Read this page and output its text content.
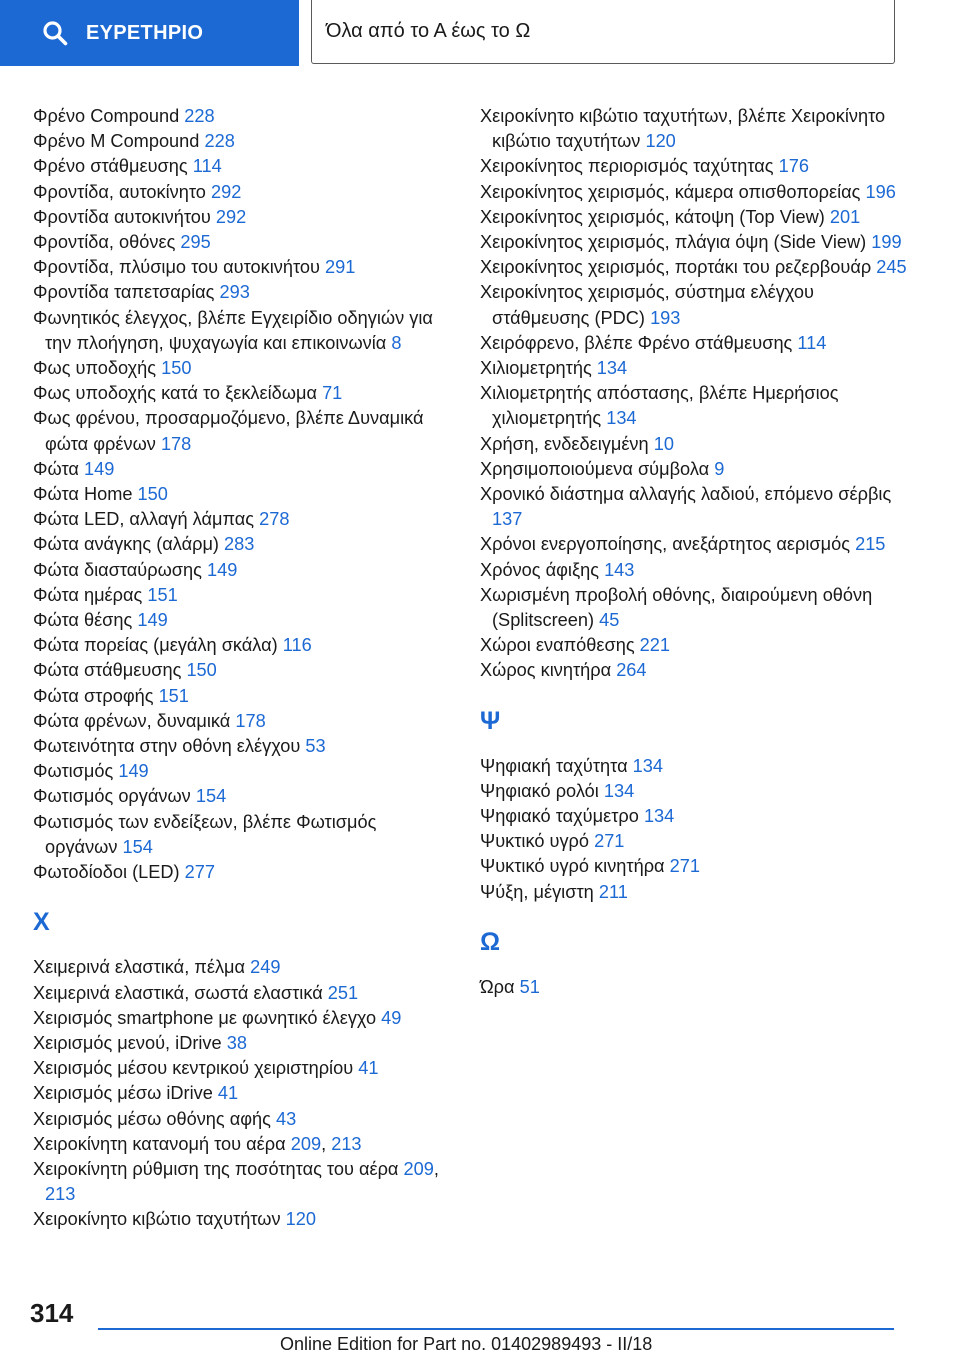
ΕΥΡΕΤΗΡΙΟ	Όλα από το Α έως το Ω
Φρένο Compound 228
Φρένο M Compound 228
Φρένο στάθμευσης 114
Φροντίδα, αυτοκίνητο 292
Φροντίδα αυτοκινήτου 292
Φροντίδα, οθόνες 295
Φροντίδα, πλύσιμο του αυτοκινήτου 291
Φροντίδα ταπετσαρίας 293
Φωνητικός έλεγχος, βλέπε Εγχειρίδιο οδηγιών για την πλοήγηση, ψυχαγωγία και επικοινωνία 8
Φως υποδοχής 150
Φως υποδοχής κατά το ξεκλείδωμα 71
Φως φρένου, προσαρμοζόμενο, βλέπε Δυναμικά φώτα φρένων 178
Φώτα 149
Φώτα Home 150
Φώτα LED, αλλαγή λάμπας 278
Φώτα ανάγκης (αλάρμ) 283
Φώτα διασταύρωσης 149
Φώτα ημέρας 151
Φώτα θέσης 149
Φώτα πορείας (μεγάλη σκάλα) 116
Φώτα στάθμευσης 150
Φώτα στροφής 151
Φώτα φρένων, δυναμικά 178
Φωτεινότητα στην οθόνη ελέγχου 53
Φωτισμός 149
Φωτισμός οργάνων 154
Φωτισμός των ενδείξεων, βλέπε Φωτισμός οργάνων 154
Φωτοδίοδοι (LED) 277
X
Χειμερινά ελαστικά, πέλμα 249
Χειμερινά ελαστικά, σωστά ελαστικά 251
Χειρισμός smartphone με φωνητικό έλεγχο 49
Χειρισμός μενού, iDrive 38
Χειρισμός μέσου κεντρικού χειριστηρίου 41
Χειρισμός μέσω iDrive 41
Χειρισμός μέσω οθόνης αφής 43
Χειροκίνητη κατανομή του αέρα 209, 213
Χειροκίνητη ρύθμιση της ποσότητας του αέρα 209, 213
Χειροκίνητο κιβώτιο ταχυτήτων 120
Χειροκίνητο κιβώτιο ταχυτήτων, βλέπε Χειροκίνητο κιβώτιο ταχυτήτων 120
Χειροκίνητος περιορισμός ταχύτητας 176
Χειροκίνητος χειρισμός, κάμερα οπισθοπορείας 196
Χειροκίνητος χειρισμός, κάτοψη (Top View) 201
Χειροκίνητος χειρισμός, πλάγια όψη (Side View) 199
Χειροκίνητος χειρισμός, πορτάκι του ρεζερβουάρ 245
Χειροκίνητος χειρισμός, σύστημα ελέγχου στάθμευσης (PDC) 193
Χειρόφρενο, βλέπε Φρένο στάθμευσης 114
Χιλιομετρητής 134
Χιλιομετρητής απόστασης, βλέπε Ημερήσιος χιλιομετρητής 134
Χρήση, ενδεδειγμένη 10
Χρησιμοποιούμενα σύμβολα 9
Χρονικό διάστημα αλλαγής λαδιού, επόμενο σέρβις 137
Χρόνοι ενεργοποίησης, ανεξάρτητος αερισμός 215
Χρόνος άφιξης 143
Χωρισμένη προβολή οθόνης, διαιρούμενη οθόνη (Splitscreen) 45
Χώροι εναπόθεσης 221
Χώρος κινητήρα 264
Ψ
Ψηφιακή ταχύτητα 134
Ψηφιακό ρολόι 134
Ψηφιακό ταχύμετρο 134
Ψυκτικό υγρό 271
Ψυκτικό υγρό κινητήρα 271
Ψύξη, μέγιστη 211
Ω
Ώρα 51
314
Online Edition for Part no. 01402989493 - II/18
